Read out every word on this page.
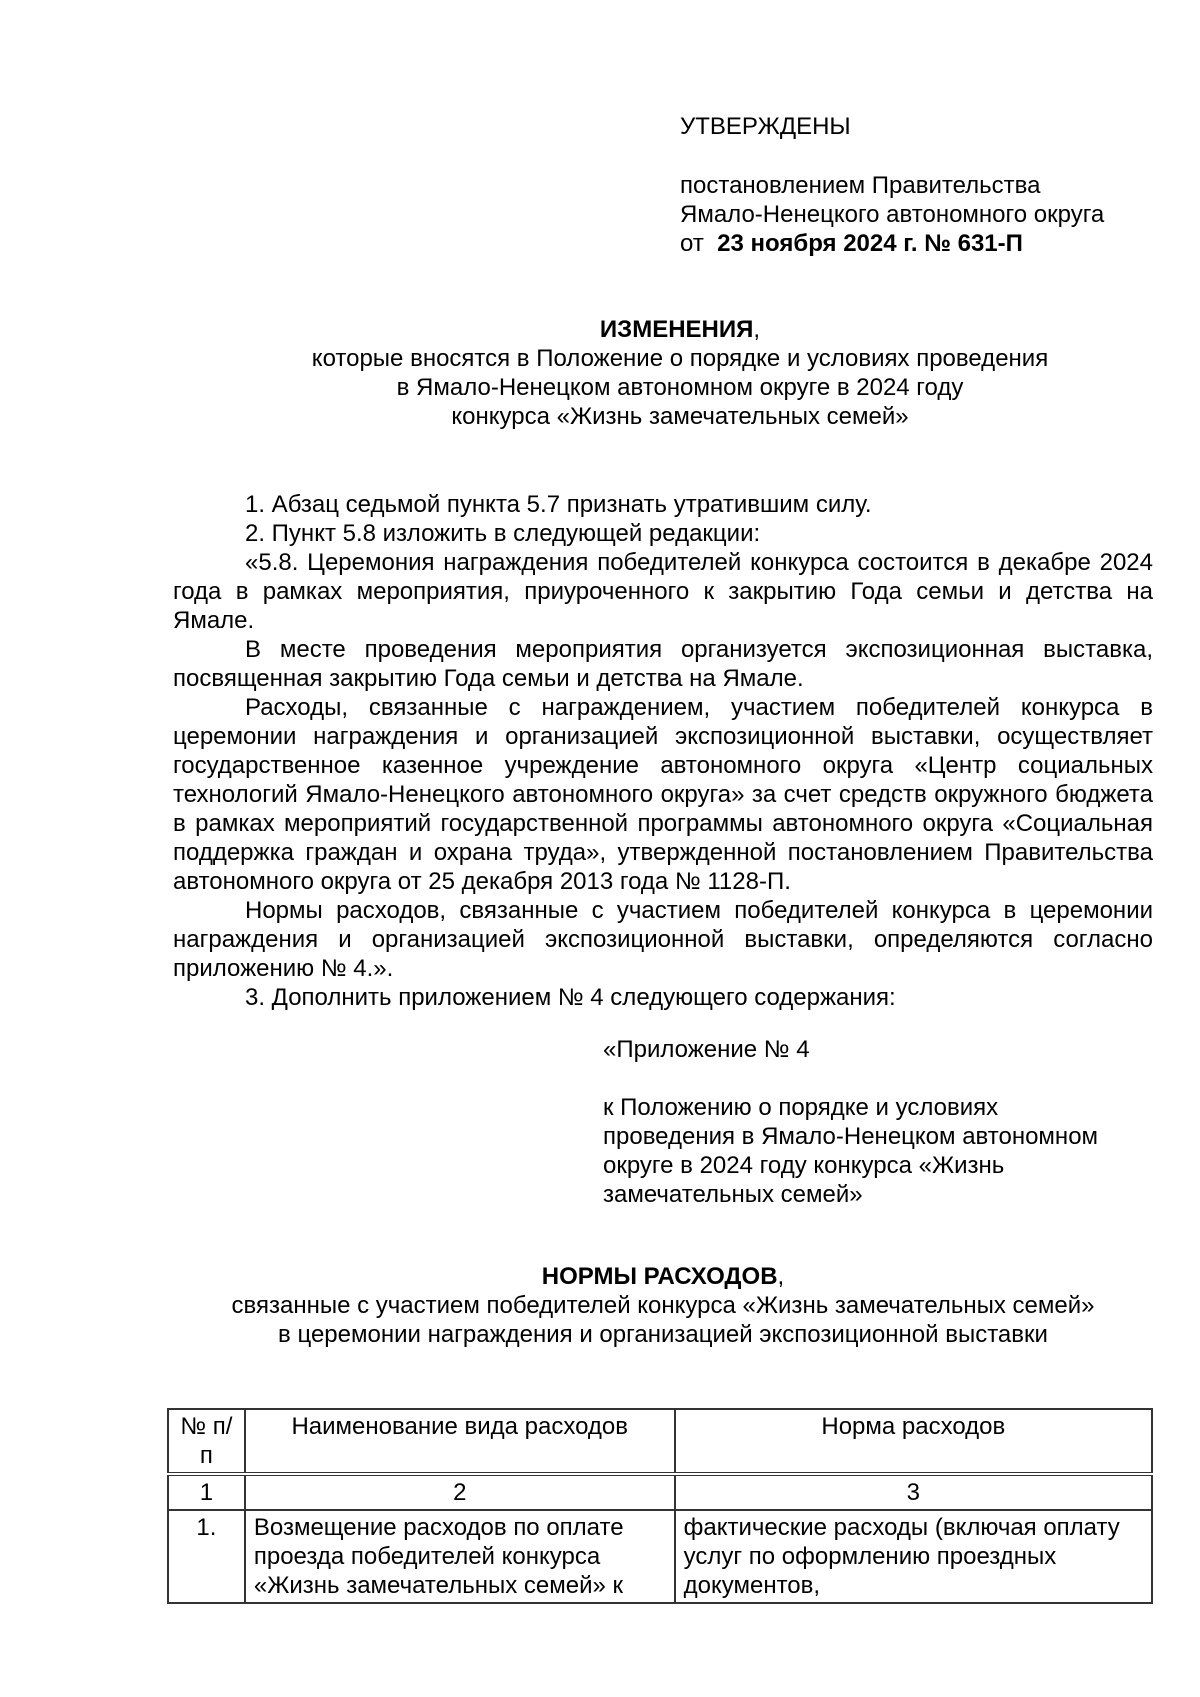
УТВЕРЖДЕНЫ
постановлением Правительства
Ямало-Ненецкого автономного округа
от 23 ноября 2024 г. № 631-П
ИЗМЕНЕНИЯ,
которые вносятся в Положение о порядке и условиях проведения
в Ямало-Ненецком автономном округе в 2024 году
конкурса «Жизнь замечательных семей»

1. Абзац седьмой пункта 5.7 признать утратившим силу.

2. Пункт 5.8 изложить в следующей редакции:

«5.8. Церемония награждения победителей конкурса состоится в декабре 2024 года в рамках мероприятия, приуроченного к закрытию Года семьи и детства на Ямале.

В месте проведения мероприятия организуется экспозиционная выставка, посвященная закрытию Года семьи и детства на Ямале.

Расходы, связанные с награждением, участием победителей конкурса в церемонии награждения и организацией экспозиционной выставки, осуществляет государственное казенное учреждение автономного округа «Центр социальных технологий Ямало-Ненецкого автономного округа» за счет средств окружного бюджета в рамках мероприятий государственной программы автономного округа «Социальная поддержка граждан и охрана труда», утвержденной постановлением Правительства автономного округа от 25 декабря 2013 года № 1128-П.

Нормы расходов, связанные с участием победителей конкурса в церемонии награждения и организацией экспозиционной выставки, определяются согласно приложению № 4.».

3. Дополнить приложением № 4 следующего содержания:

«Приложение № 4
к Положению о порядке и условиях
проведения в Ямало-Ненецком автономном
округе в 2024 году конкурса «Жизнь
замечательных семей»
НОРМЫ РАСХОДОВ,
связанные с участием победителей конкурса «Жизнь замечательных семей»
в церемонии награждения и организацией экспозиционной выставки
№ п/п	Наименование вида расходов	Норма расходов
1	2	3
1.	Возмещение расходов по оплате проезда победителей конкурса «Жизнь замечательных семей» к	фактические расходы (включая оплату услуг по оформлению проездных документов,
